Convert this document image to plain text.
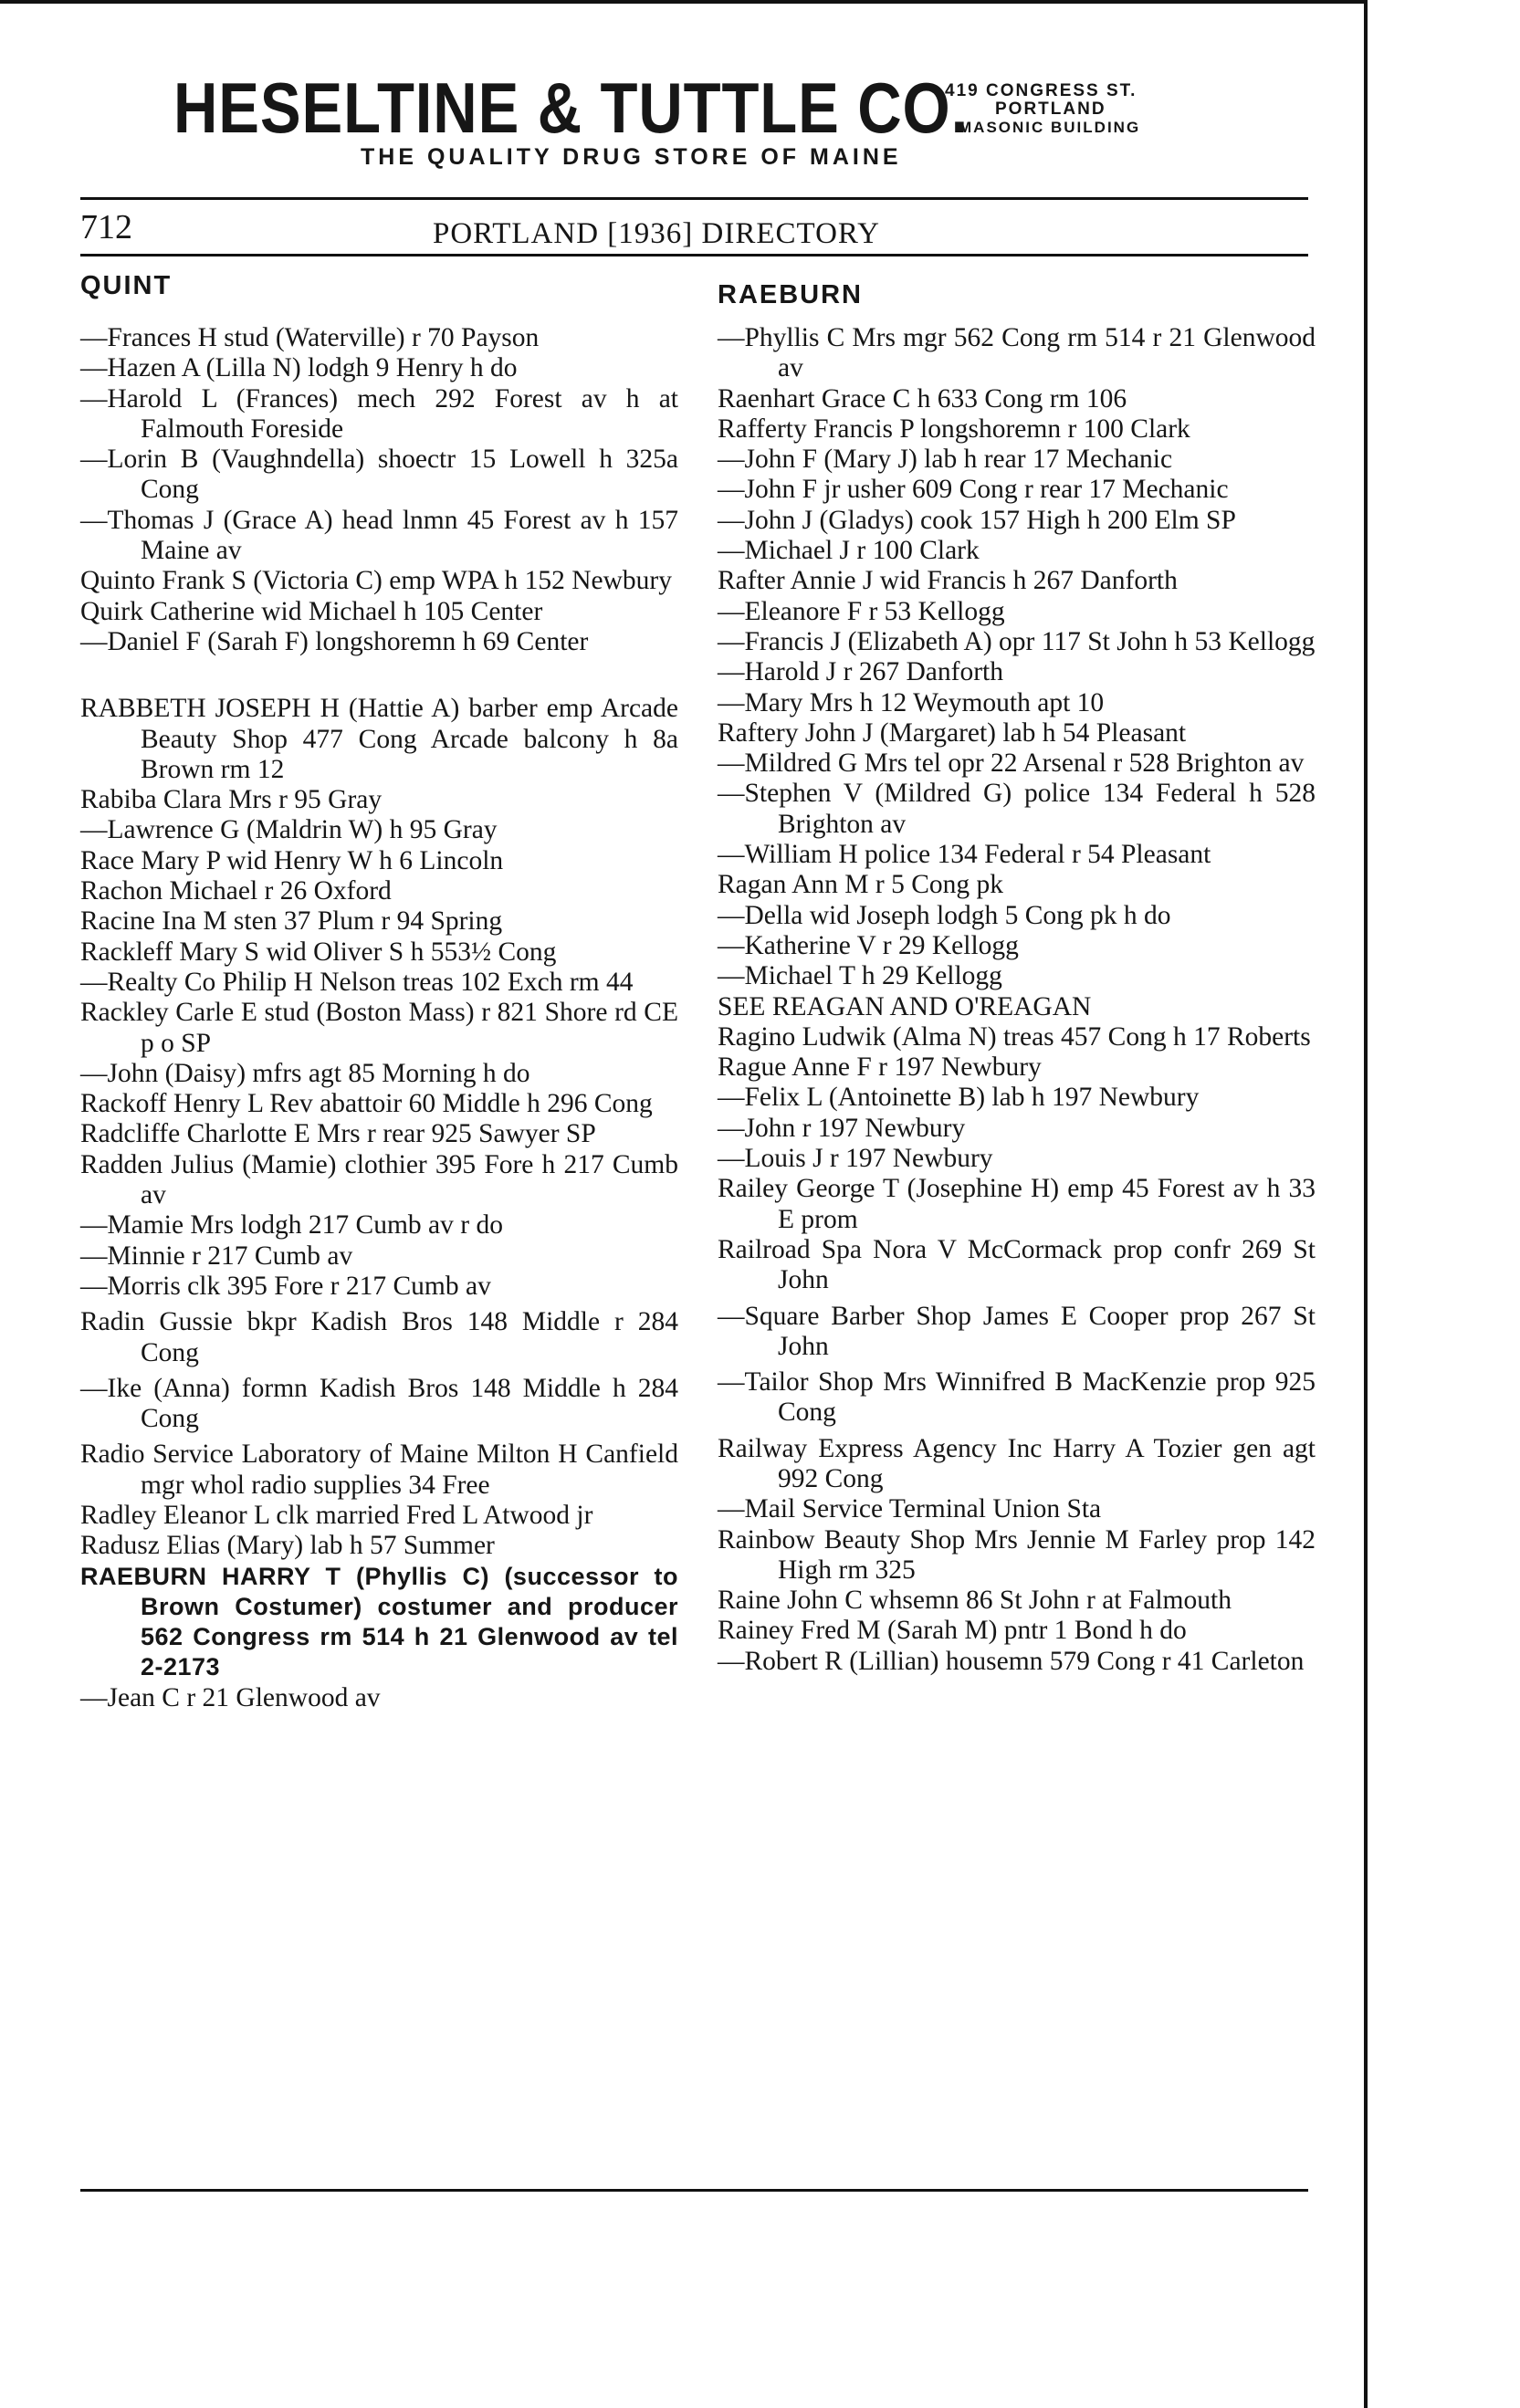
HESELTINE & TUTTLE CO.
419 CONGRESS ST.
PORTLAND
MASONIC BUILDING
THE QUALITY DRUG STORE OF MAINE
712	PORTLAND [1936] DIRECTORY
QUINT
—Frances H stud (Waterville) r 70 Payson
—Hazen A (Lilla N) lodgh 9 Henry h do
—Harold L (Frances) mech 292 Forest av h at Falmouth Foreside
—Lorin B (Vaughndella) shoectr 15 Lowell h 325a Cong
—Thomas J (Grace A) head lnmn 45 Forest av h 157 Maine av
Quinto Frank S (Victoria C) emp WPA h 152 Newbury
Quirk Catherine wid Michael h 105 Center
—Daniel F (Sarah F) longshoremn h 69 Center
RABBETH JOSEPH H (Hattie A) barber emp Arcade Beauty Shop 477 Cong Arcade balcony h 8a Brown rm 12
Rabiba Clara Mrs r 95 Gray
—Lawrence G (Maldrin W) h 95 Gray
Race Mary P wid Henry W h 6 Lincoln
Rachon Michael r 26 Oxford
Racine Ina M sten 37 Plum r 94 Spring
Rackleff Mary S wid Oliver S h 553½ Cong
—Realty Co Philip H Nelson treas 102 Exch rm 44
Rackley Carle E stud (Boston Mass) r 821 Shore rd CE p o SP
—John (Daisy) mfrs agt 85 Morning h do
Rackoff Henry L Rev abattoir 60 Middle h 296 Cong
Radcliffe Charlotte E Mrs r rear 925 Sawyer SP
Radden Julius (Mamie) clothier 395 Fore h 217 Cumb av
—Mamie Mrs lodgh 217 Cumb av r do
—Minnie r 217 Cumb av
—Morris clk 395 Fore r 217 Cumb av
Radin Gussie bkpr Kadish Bros 148 Middle r 284 Cong
—Ike (Anna) formn Kadish Bros 148 Middle h 284 Cong
Radio Service Laboratory of Maine Milton H Canfield mgr whol radio supplies 34 Free
Radley Eleanor L clk married Fred L Atwood jr
Radusz Elias (Mary) lab h 57 Summer
RAEBURN HARRY T (Phyllis C) (successor to Brown Costumer) costumer and producer 562 Congress rm 514 h 21 Glenwood av tel 2-2173
—Jean C r 21 Glenwood av
RAEBURN
—Phyllis C Mrs mgr 562 Cong rm 514 r 21 Glenwood av
Raenhart Grace C h 633 Cong rm 106
Rafferty Francis P longshoremn r 100 Clark
—John F (Mary J) lab h rear 17 Mechanic
—John F jr usher 609 Cong r rear 17 Mechanic
—John J (Gladys) cook 157 High h 200 Elm SP
—Michael J r 100 Clark
Rafter Annie J wid Francis h 267 Danforth
—Eleanore F r 53 Kellogg
—Francis J (Elizabeth A) opr 117 St John h 53 Kellogg
—Harold J r 267 Danforth
—Mary Mrs h 12 Weymouth apt 10
Raftery John J (Margaret) lab h 54 Pleasant
—Mildred G Mrs tel opr 22 Arsenal r 528 Brighton av
—Stephen V (Mildred G) police 134 Federal h 528 Brighton av
—William H police 134 Federal r 54 Pleasant
Ragan Ann M r 5 Cong pk
—Della wid Joseph lodgh 5 Cong pk h do
—Katherine V r 29 Kellogg
—Michael T h 29 Kellogg
SEE REAGAN AND O'REAGAN
Ragino Ludwik (Alma N) treas 457 Cong h 17 Roberts
Rague Anne F r 197 Newbury
—Felix L (Antoinette B) lab h 197 Newbury
—John r 197 Newbury
—Louis J r 197 Newbury
Railey George T (Josephine H) emp 45 Forest av h 33 E prom
Railroad Spa Nora V McCormack prop confr 269 St John
—Square Barber Shop James E Cooper prop 267 St John
—Tailor Shop Mrs Winnifred B MacKenzie prop 925 Cong
Railway Express Agency Inc Harry A Tozier gen agt 992 Cong
—Mail Service Terminal Union Sta
Rainbow Beauty Shop Mrs Jennie M Farley prop 142 High rm 325
Raine John C whsemn 86 St John r at Falmouth
Rainey Fred M (Sarah M) pntr 1 Bond h do
—Robert R (Lillian) housemn 579 Cong r 41 Carleton
